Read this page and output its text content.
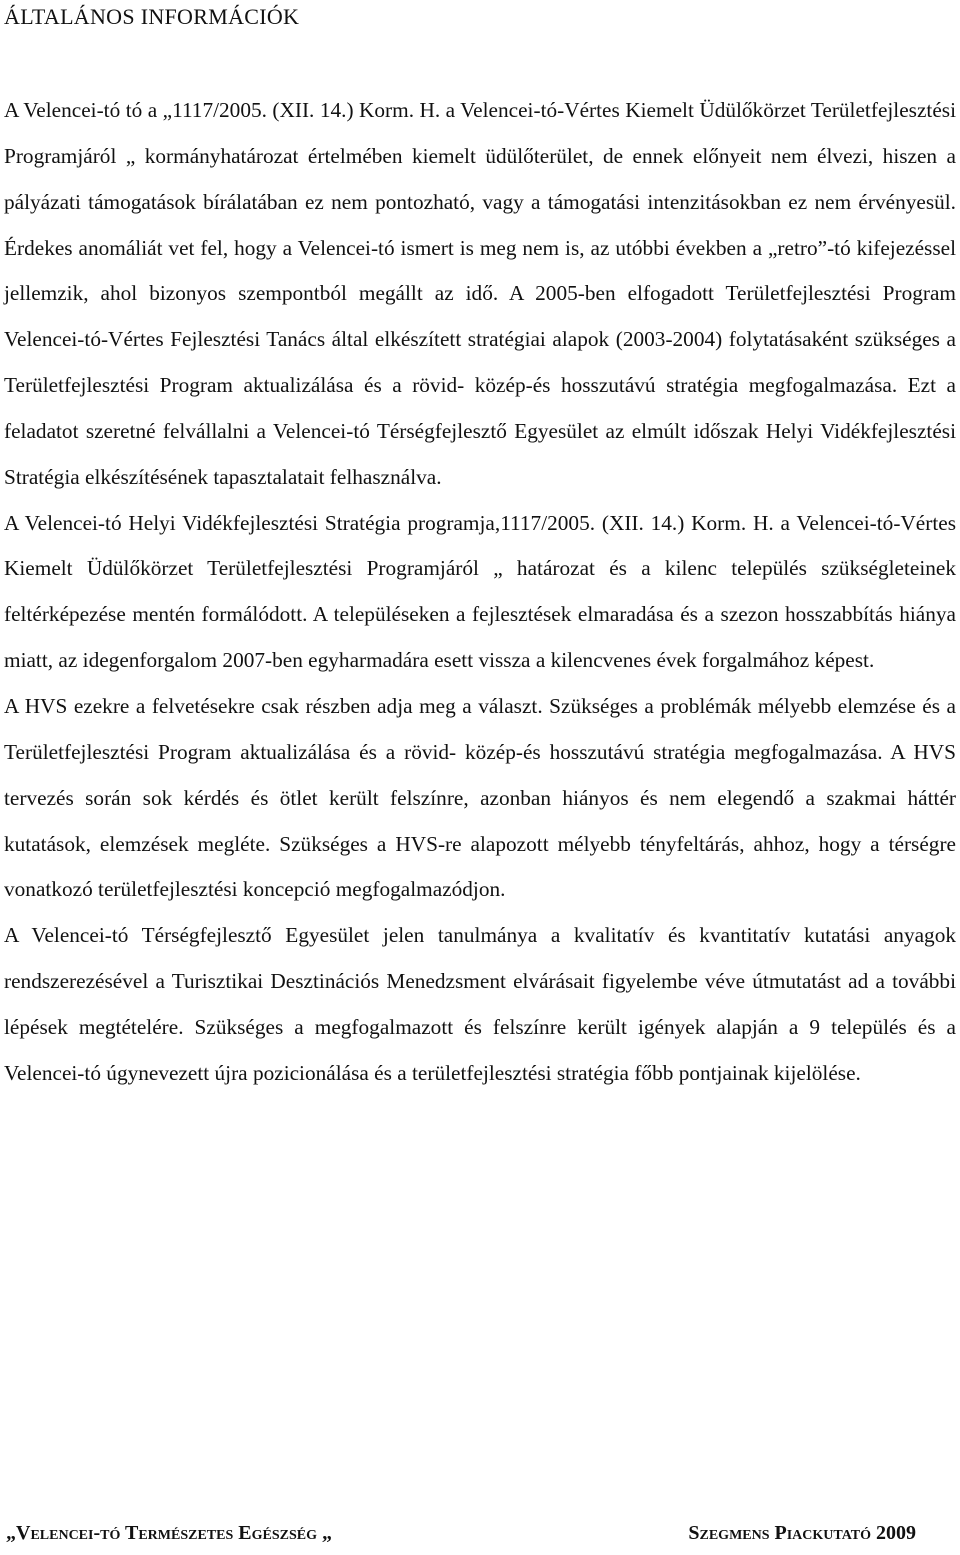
ÁLTALÁNOS INFORMÁCIÓK

A Velencei-tó tó a „1117/2005. (XII. 14.) Korm. H. a Velencei-tó-Vértes Kiemelt Üdülőkörzet Területfejlesztési Programjáról „ kormányhatározat értelmében kiemelt üdülőterület, de ennek előnyeit nem élvezi, hiszen a pályázati támogatások bírálatában ez nem pontozható, vagy a támogatási intenzitásokban ez nem érvényesül. Érdekes anomáliát vet fel, hogy a Velencei-tó ismert is meg nem is, az utóbbi években a „retro”-tó kifejezéssel jellemzik, ahol bizonyos szempontból megállt az idő. A 2005-ben elfogadott Területfejlesztési Program Velencei-tó-Vértes Fejlesztési Tanács által elkészített stratégiai alapok (2003-2004) folytatásaként szükséges a Területfejlesztési Program aktualizálása és a rövid- közép-és hosszutávú stratégia megfogalmazása. Ezt a feladatot szeretné felvállalni a Velencei-tó Térségfejlesztő Egyesület az elmúlt időszak Helyi Vidékfejlesztési Stratégia elkészítésének tapasztalatait felhasználva.

A Velencei-tó Helyi Vidékfejlesztési Stratégia programja,1117/2005. (XII. 14.) Korm. H. a Velencei-tó-Vértes Kiemelt Üdülőkörzet Területfejlesztési Programjáról „ határozat és a kilenc település szükségleteinek feltérképezése mentén formálódott. A településeken a fejlesztések elmaradása és a szezon hosszabbítás hiánya miatt, az idegenforgalom 2007-ben egyharmadára esett vissza a kilencvenes évek forgalmához képest.

A HVS ezekre a felvetésekre csak részben adja meg a választ. Szükséges a problémák mélyebb elemzése és a Területfejlesztési Program aktualizálása és a rövid- közép-és hosszutávú stratégia megfogalmazása. A HVS tervezés során sok kérdés és ötlet került felszínre, azonban hiányos és nem elegendő a szakmai háttér kutatások, elemzések megléte. Szükséges a HVS-re alapozott mélyebb tényfeltárás, ahhoz, hogy a térségre vonatkozó területfejlesztési koncepció megfogalmazódjon.

A Velencei-tó Térségfejlesztő Egyesület jelen tanulmánya a kvalitatív és kvantitatív kutatási anyagok rendszerezésével a Turisztikai Desztinációs Menedzsment elvárásait figyelembe véve útmutatást ad a további lépések megtételére. Szükséges a megfogalmazott és felszínre került igények alapján a 9 település és a Velencei-tó úgynevezett újra pozicionálása és a területfejlesztési stratégia főbb pontjainak kijelölése.

„Velencei-tó Természetes Egészség „	Szegmens Piackutató 2009
